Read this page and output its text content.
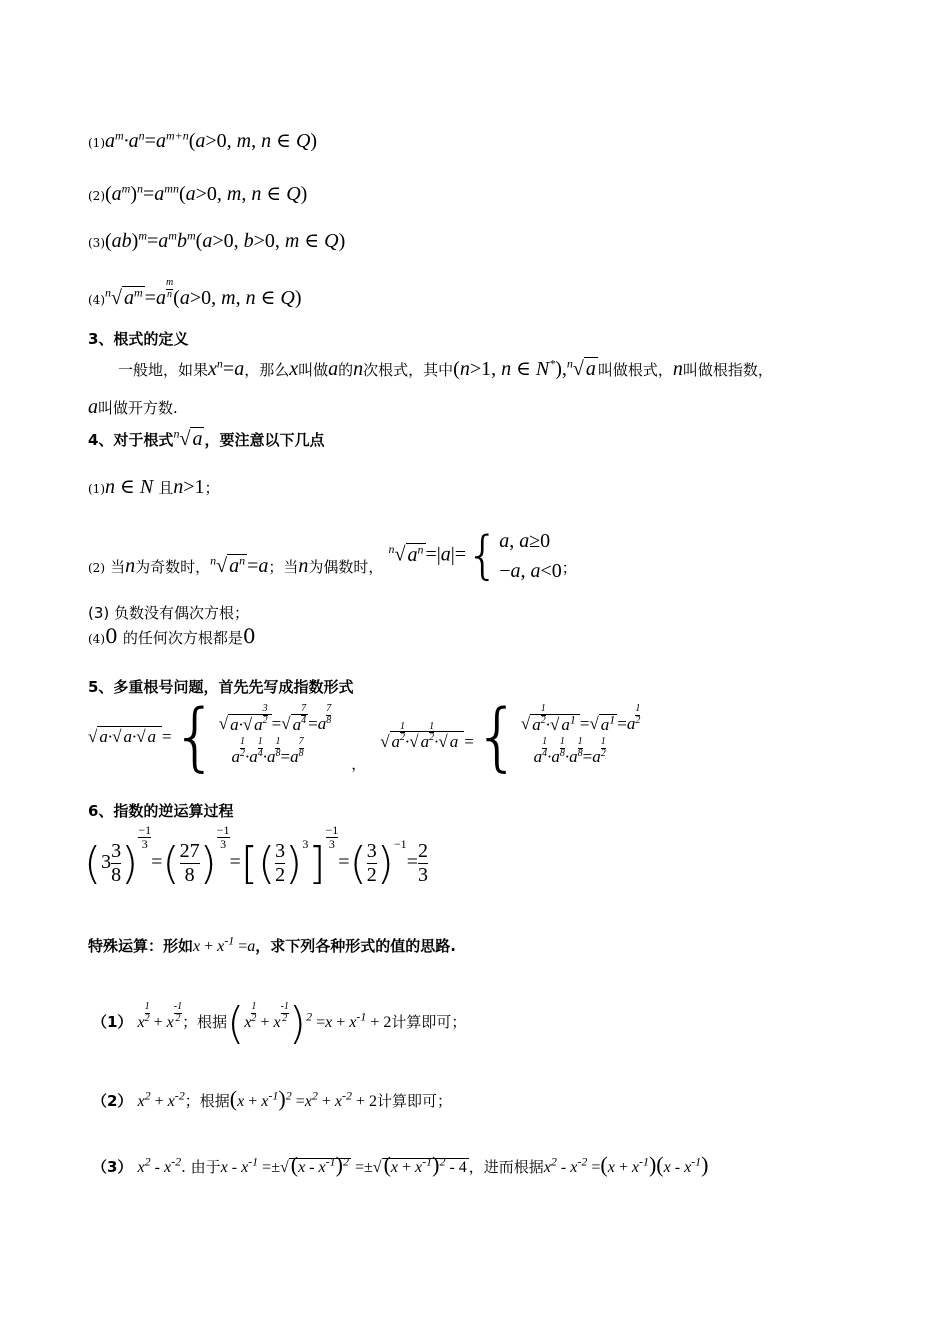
$(1)a^m\cdot a^n=a^{m+n}(a>0$, m, n ∈ Q)
$(2)(a^m)^n=a^{mn}(a>0$, m, n ∈ Q)
$(3)(ab)^m=a^mb^m(a>0$, b>0, m ∈ Q)
$(4)^n√$ $a^m =a \frac{m}{n} (a>0$, m, n ∈ Q)
3、根式的定义
一般地，如果$x^n=a$，那么x叫做a的n次根式，其中(n>1, n ∈ N*),$^n$√ a 叫做根式，n叫做根指数，
a叫做开方数.
4、对于根式$^n$√ a ，要注意以下几点
(1)n ∈ N 且n>1；
(2) 当n为奇数时，$^n$√ $a^n =a$；当n为偶数时， $^n$√ $a^n =|a|=${ a, a≥0
−a, a<0 ；
(3) 负数没有偶次方根；
(4)0 的任何次方根都是0
5、多重根号问题，首先先写成指数形式
√ a·√ a·√ a ={ √ a·√ a $\frac{3}{2}$ =√ a $\frac{7}{4} =a \frac{7}{8}$
a $\frac{1}{2} \cdot a \frac{1}{4} \cdot a \frac{1}{8} =a \frac{7}{8}$
，√ a $\frac{1}{2}$ ·√ a $\frac{1}{2}$ ·√ a ={ √ a $\frac{1}{2}$ ·√ $a^1$ =√ $a^1 =a \frac{1}{2}$
a $\frac{1}{4} \cdot a \frac{1}{8} \cdot a \frac{1}{8} =a \frac{1}{2}$
6、指数的逆运算过程
($3 \frac{3}{8}$ )
$\frac{-1}{3}$
=( $\frac{27}{8}$ )
$\frac{-1}{3}$
=[( $\frac{3}{2} )^3$]
$\frac{-1}{3}$
=( $\frac{3}{2} )^{-1}= \frac{2}{3}$
特殊运算：形如$x + x^{-1} =a$，求下列各种形式的值的思路.
（1） x $\frac{1}{2} + x \frac{-1}{2}$ ；根据$(x \frac{1}{2} + x \frac{-1}{2} )^2 =x + x^{-1} + 2$计算即可；
（2） $x^2 + x^{-2}$；根据$(x + x^{-1})^2 =x^2 + x^{-2} + 2$计算即可；
（3） $x^2 - x^{-2}$. 由于$x - x^{-1} =\pm√(x - x^{-1})^2 =\pm√(x + x^{-1})^2 - 4$ ，进而根据$x^2 - x^{-2} =(x + x^{-1})(x - x^{-1})$
